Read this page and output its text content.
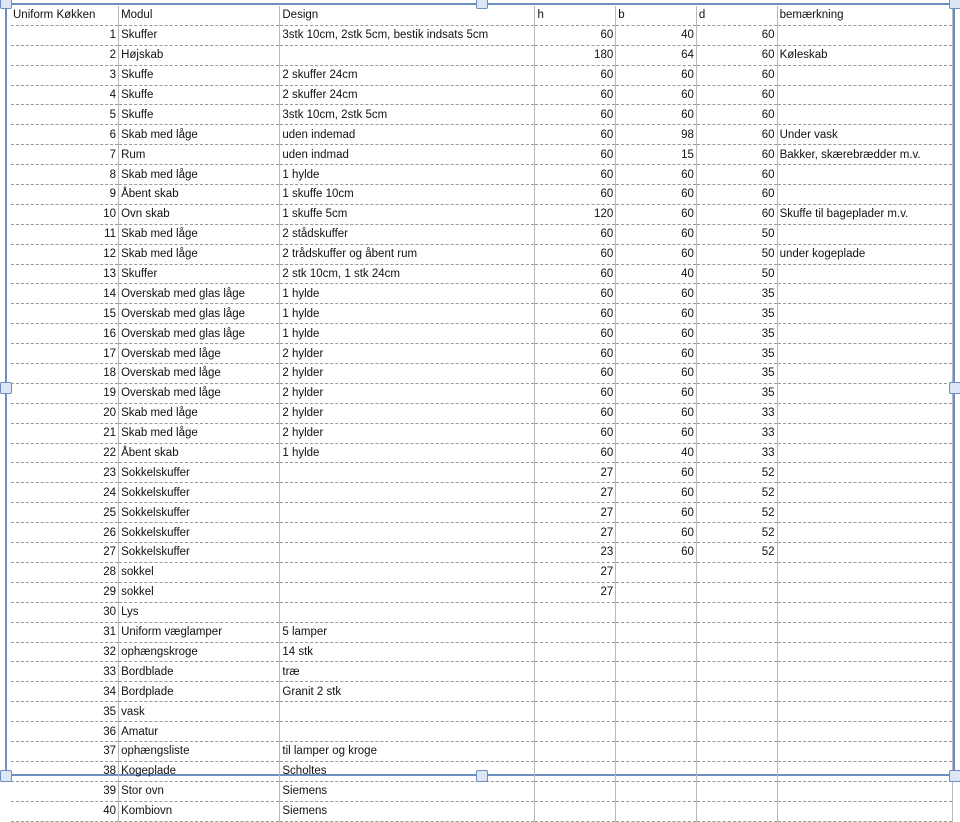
Uniform Køkken	Modul	Design	h	b	d	bemærkning
1	Skuffer	3stk 10cm, 2stk 5cm, bestik indsats 5cm	60	40	60	
2	Højskab		180	64	60	Køleskab
3	Skuffe	2 skuffer 24cm	60	60	60	
4	Skuffe	2 skuffer 24cm	60	60	60	
5	Skuffe	3stk 10cm, 2stk 5cm	60	60	60	
6	Skab med låge	uden indemad	60	98	60	Under vask
7	Rum	uden indmad	60	15	60	Bakker, skærebrædder m.v.
8	Skab med låge	1 hylde	60	60	60	
9	Åbent skab	1 skuffe 10cm	60	60	60	
10	Ovn skab	1 skuffe 5cm	120	60	60	Skuffe til bageplader m.v.
11	Skab med låge	2 stådskuffer	60	60	50	
12	Skab med låge	2 trådskuffer og åbent rum	60	60	50	under kogeplade
13	Skuffer	2 stk 10cm, 1 stk 24cm	60	40	50	
14	Overskab med glas låge	1 hylde	60	60	35	
15	Overskab med glas låge	1 hylde	60	60	35	
16	Overskab med glas låge	1 hylde	60	60	35	
17	Overskab med låge	2 hylder	60	60	35	
18	Overskab med låge	2 hylder	60	60	35	
19	Overskab med låge	2 hylder	60	60	35	
20	Skab med låge	2 hylder	60	60	33	
21	Skab med låge	2 hylder	60	60	33	
22	Åbent skab	1 hylde	60	40	33	
23	Sokkelskuffer		27	60	52	
24	Sokkelskuffer		27	60	52	
25	Sokkelskuffer		27	60	52	
26	Sokkelskuffer		27	60	52	
27	Sokkelskuffer		23	60	52	
28	sokkel		27			
29	sokkel		27			
30	Lys					
31	Uniform væglamper	5 lamper				
32	ophængskroge	14 stk				
33	Bordblade	træ				
34	Bordplade	Granit 2 stk				
35	vask					
36	Amatur					
37	ophængsliste	til lamper og kroge				
38	Kogeplade	Scholtes				
39	Stor ovn	Siemens				
40	Kombiovn	Siemens				
